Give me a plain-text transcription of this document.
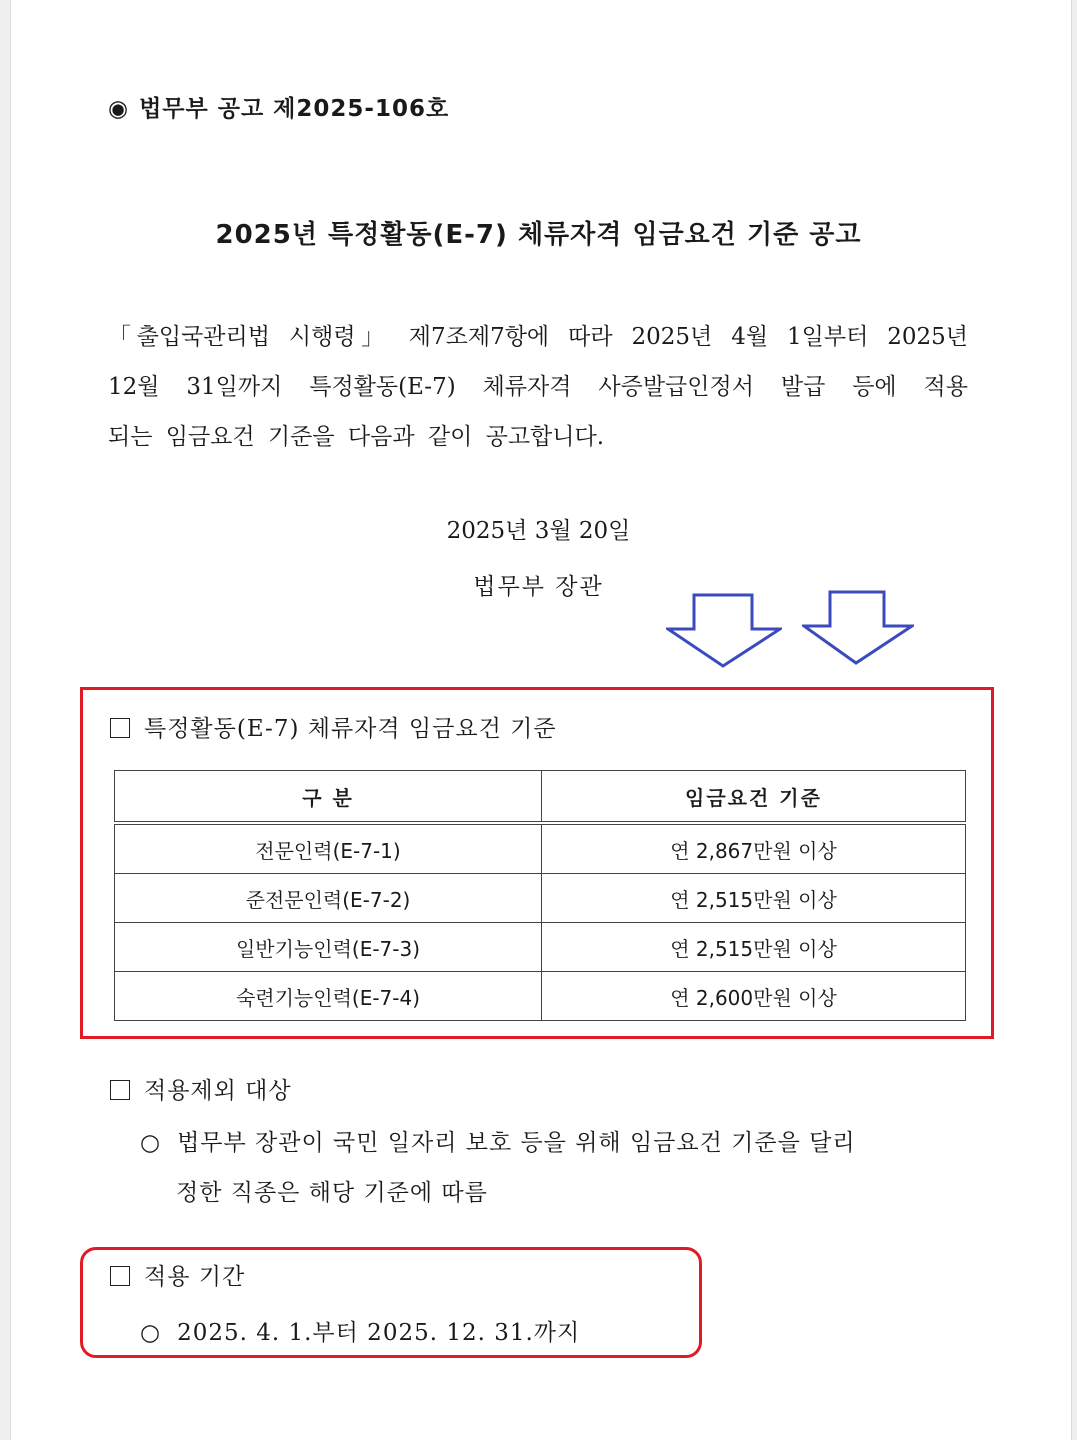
◉ 법무부 공고 제2025-106호
2025년 특정활동(E-7) 체류자격 임금요건 기준 공고
「출입국관리법 시행령」 제7조제7항에 따라 2025년 4월 1일부터 2025년
12월 31일까지 특정활동(E-7) 체류자격 사증발급인정서 발급 등에 적용
되는 임금요건 기준을 다음과 같이 공고합니다.
2025년 3월 20일
법무부 장관
특정활동(E-7) 체류자격 임금요건 기준
구 분	임금요건 기준
전문인력(E-7-1)	연 2,867만원 이상
준전문인력(E-7-2)	연 2,515만원 이상
일반기능인력(E-7-3)	연 2,515만원 이상
숙련기능인력(E-7-4)	연 2,600만원 이상
적용제외 대상
○ 법무부 장관이 국민 일자리 보호 등을 위해 임금요건 기준을 달리
정한 직종은 해당 기준에 따름
적용 기간
○ 2025. 4. 1.부터 2025. 12. 31.까지
